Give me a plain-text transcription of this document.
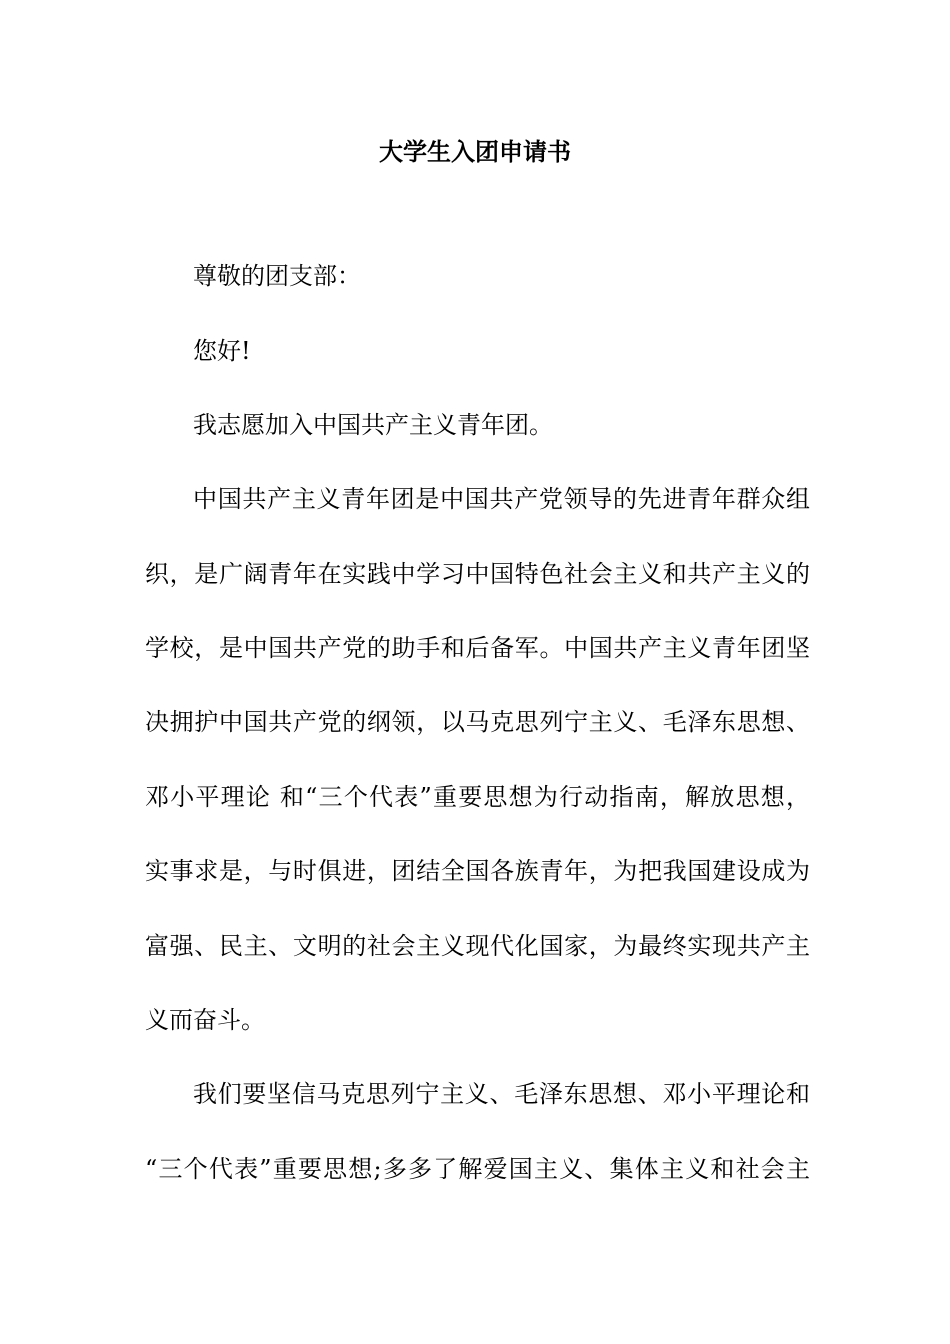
大学生入团申请书
尊敬的团支部：
您好!
我志愿加入中国共产主义青年团。
中国共产主义青年团是中国共产党领导的先进青年群众组
织，是广阔青年在实践中学习中国特色社会主义和共产主义的
学校，是中国共产党的助手和后备军。中国共产主义青年团坚
决拥护中国共产党的纲领，以马克思列宁主义、毛泽东思想、
邓小平理论 和“三个代表”重要思想为行动指南，解放思想，
实事求是，与时俱进，团结全国各族青年，为把我国建设成为
富强、民主、文明的社会主义现代化国家，为最终实现共产主
义而奋斗。
我们要坚信马克思列宁主义、毛泽东思想、邓小平理论和
“三个代表”重要思想;多多了解爱国主义、集体主义和社会主
